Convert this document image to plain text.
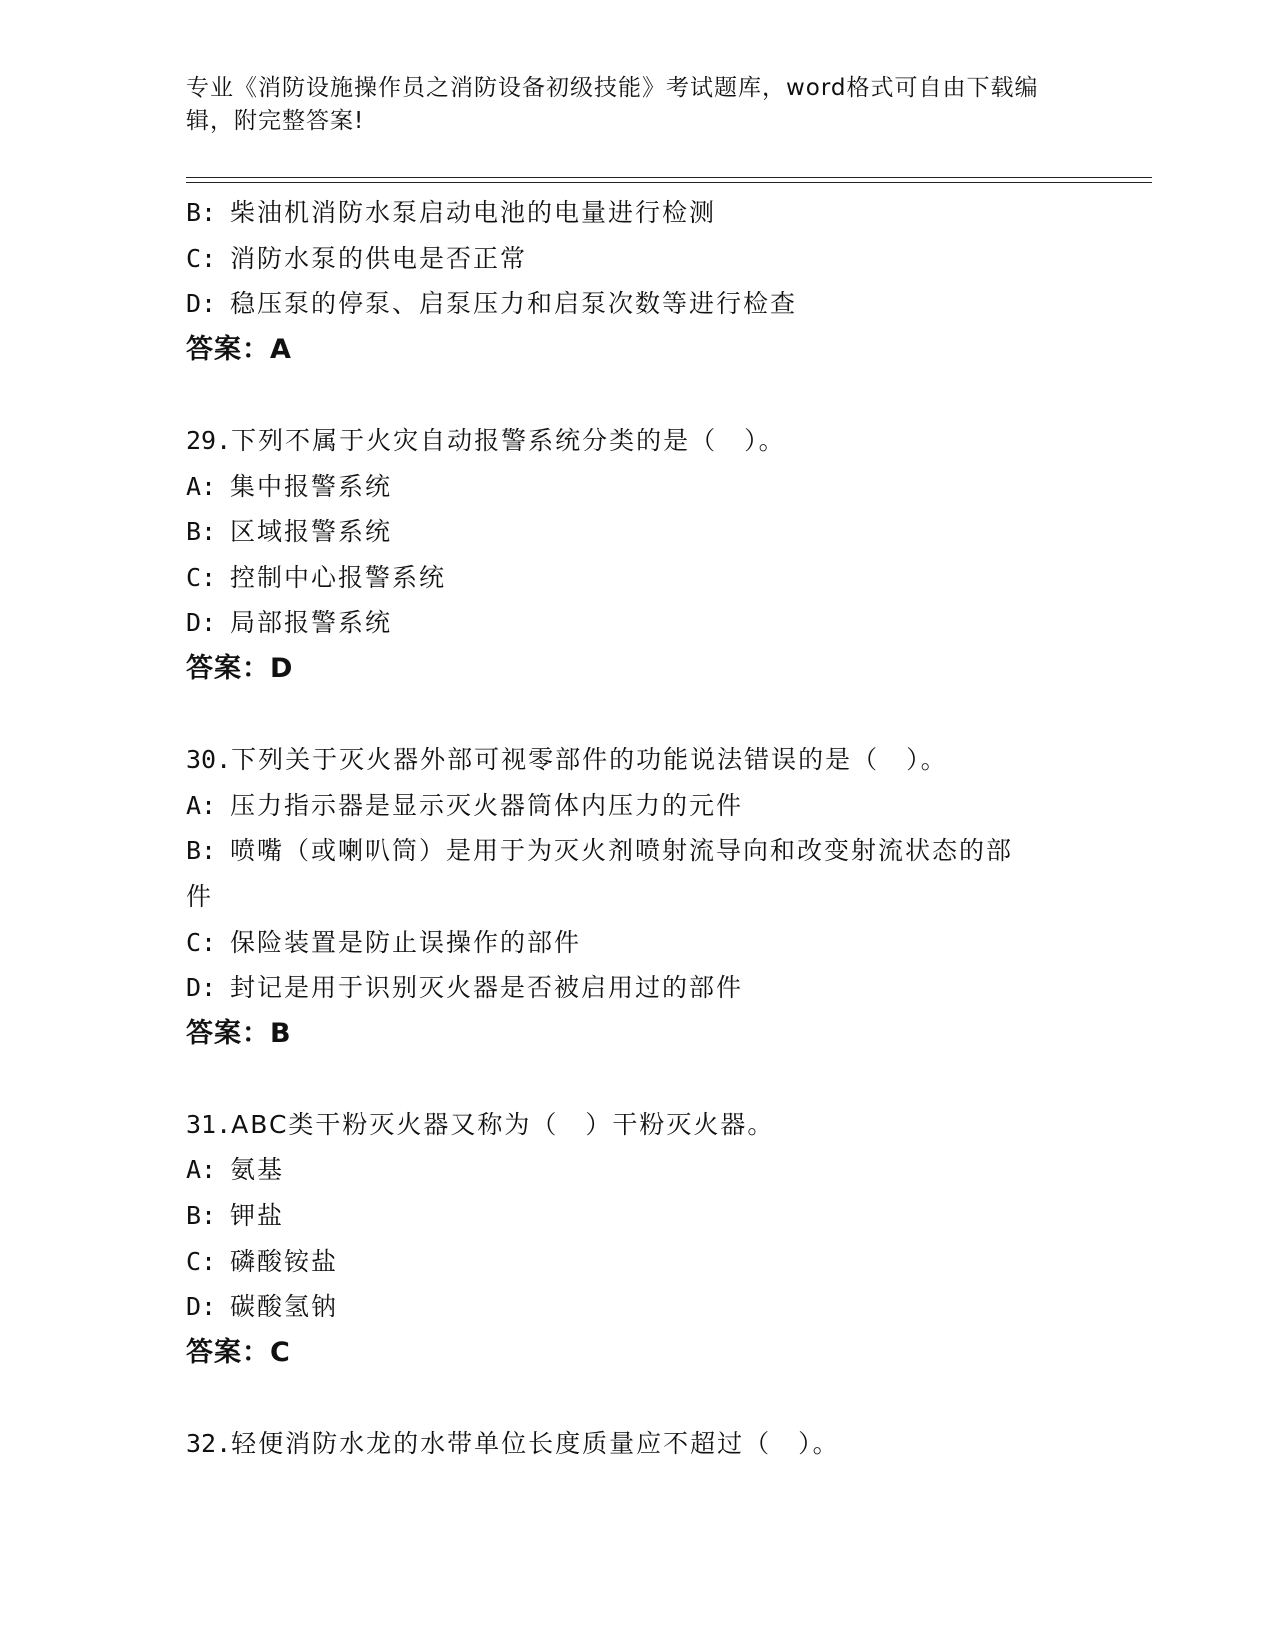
专业《消防设施操作员之消防设备初级技能》考试题库，word格式可自由下载编
辑，附完整答案!
B: 柴油机消防水泵启动电池的电量进行检测
C: 消防水泵的供电是否正常
D: 稳压泵的停泵、启泵压力和启泵次数等进行检查
答案：A
29.下列不属于火灾自动报警系统分类的是（　）。
A: 集中报警系统
B: 区域报警系统
C: 控制中心报警系统
D: 局部报警系统
答案：D
30.下列关于灭火器外部可视零部件的功能说法错误的是（　）。
A: 压力指示器是显示灭火器筒体内压力的元件
B: 喷嘴（或喇叭筒）是用于为灭火剂喷射流导向和改变射流状态的部
件
C: 保险装置是防止误操作的部件
D: 封记是用于识别灭火器是否被启用过的部件
答案：B
31.ABC类干粉灭火器又称为（　）干粉灭火器。
A: 氨基
B: 钾盐
C: 磷酸铵盐
D: 碳酸氢钠
答案：C
32.轻便消防水龙的水带单位长度质量应不超过（　）。
